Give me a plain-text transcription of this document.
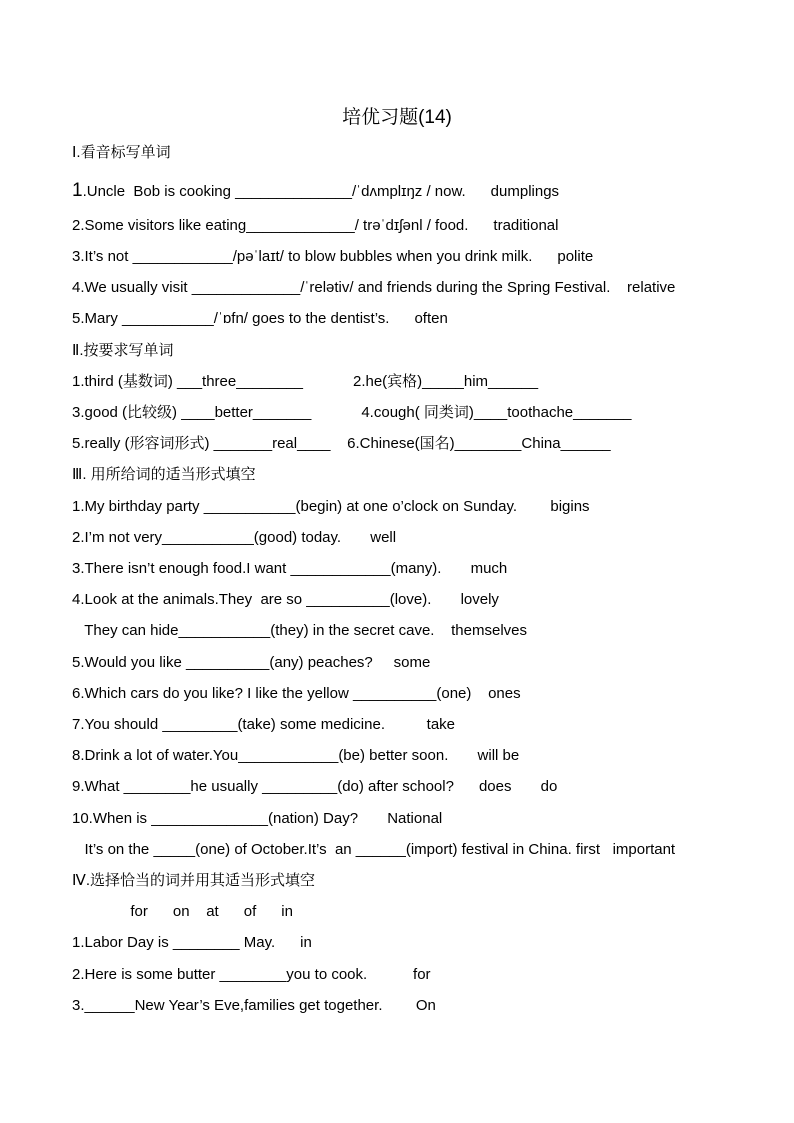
培优习题(14)
Ⅰ.看音标写单词
1.Uncle  Bob is cooking ______________/ˈdʌmplɪŋz / now.      dumplings
2.Some visitors like eating_____________/ trəˈdɪʃənl / food.      traditional
3.It’s not ____________/pəˈlaɪt/ to blow bubbles when you drink milk.      polite
4.We usually visit _____________/ˈrelətiv/ and friends during the Spring Festival.    relative
5.Mary ___________/ˈɒfn/ goes to the dentist’s.      often
Ⅱ.按要求写单词
1.third (基数词) ___three________            2.he(宾格)_____him______
3.good (比较级) ____better_______            4.cough( 同类词)____toothache_______
5.really (形容词形式) _______real____    6.Chinese(国名)________China______
Ⅲ. 用所给词的适当形式填空
1.My birthday party ___________(begin) at one o’clock on Sunday.        bigins
2.I’m not very___________(good) today.       well
3.There isn’t enough food.I want ____________(many).       much
4.Look at the animals.They  are so __________(love).       lovely
They can hide___________(they) in the secret cave.    themselves
5.Would you like __________(any) peaches?     some
6.Which cars do you like? I like the yellow __________(one)    ones
7.You should _________(take) some medicine.          take
8.Drink a lot of water.You____________(be) better soon.       will be
9.What ________he usually _________(do) after school?      does       do
10.When is ______________(nation) Day?       National
It’s on the _____(one) of October.It’s  an ______(import) festival in China. first   important
Ⅳ.选择恰当的词并用其适当形式填空
for      on    at      of      in
1.Labor Day is ________ May.      in
2.Here is some butter ________you to cook.           for
3.______New Year’s Eve,families get together.        On
